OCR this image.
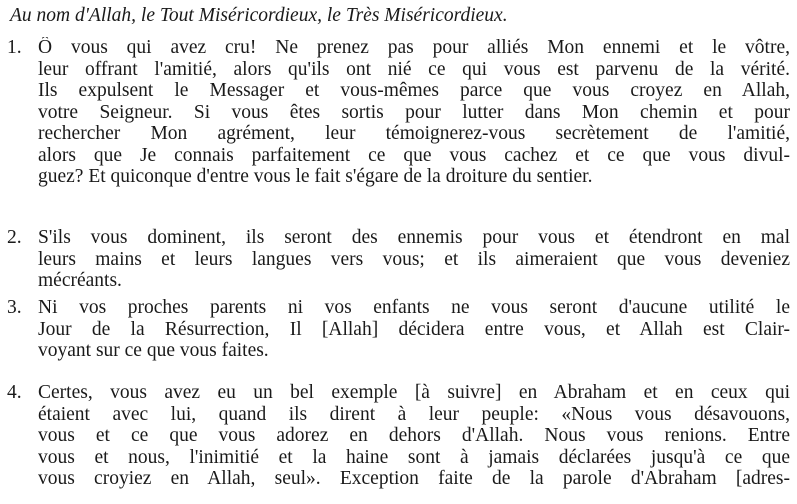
Au nom d'Allah, le Tout Miséricordieux, le Très Miséricordieux.
1. Ô vous qui avez cru! Ne prenez pas pour alliés Mon ennemi et le vôtre,
leur offrant l'amitié, alors qu'ils ont nié ce qui vous est parvenu de la vérité.
Ils expulsent le Messager et vous-mêmes parce que vous croyez en Allah,
votre Seigneur. Si vous êtes sortis pour lutter dans Mon chemin et pour
rechercher Mon agrément, leur témoignerez-vous secrètement de l'amitié,
alors que Je connais parfaitement ce que vous cachez et ce que vous divul-
guez? Et quiconque d'entre vous le fait s'égare de la droiture du sentier.
2. S'ils vous dominent, ils seront des ennemis pour vous et étendront en mal
leurs mains et leurs langues vers vous; et ils aimeraient que vous deveniez
mécréants.
3. Ni vos proches parents ni vos enfants ne vous seront d'aucune utilité le
Jour de la Résurrection, Il [Allah] décidera entre vous, et Allah est Clair-
voyant sur ce que vous faites.
4. Certes, vous avez eu un bel exemple [à suivre] en Abraham et en ceux qui
étaient avec lui, quand ils dirent à leur peuple: «Nous vous désavouons,
vous et ce que vous adorez en dehors d'Allah. Nous vous renions. Entre
vous et nous, l'inimitié et la haine sont à jamais déclarées jusqu'à ce que
vous croyiez en Allah, seul». Exception faite de la parole d'Abraham [adres-
